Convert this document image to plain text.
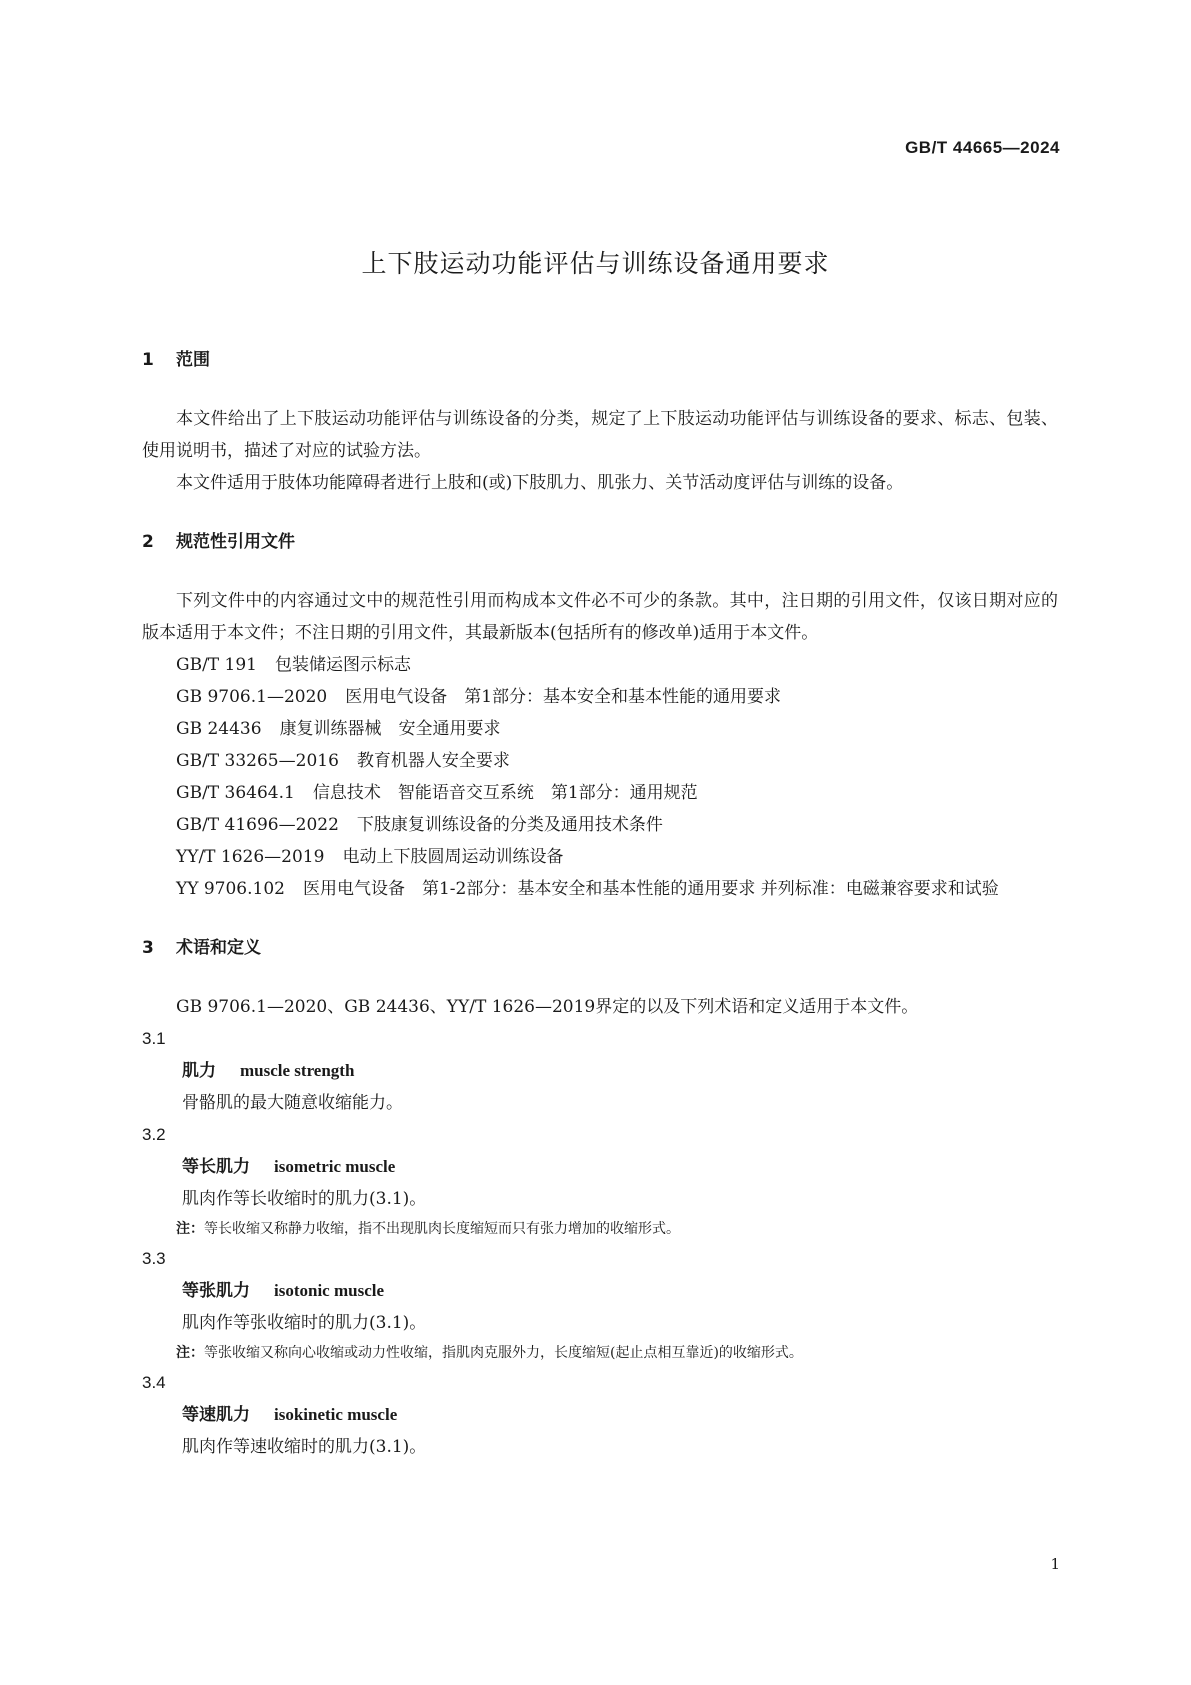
GB/T 44665—2024
上下肢运动功能评估与训练设备通用要求
1 范围

本文件给出了上下肢运动功能评估与训练设备的分类，规定了上下肢运动功能评估与训练设备的要求、标志、包装、使用说明书，描述了对应的试验方法。

本文件适用于肢体功能障碍者进行上肢和(或)下肢肌力、肌张力、关节活动度评估与训练的设备。

2 规范性引用文件

下列文件中的内容通过文中的规范性引用而构成本文件必不可少的条款。其中，注日期的引用文件，仅该日期对应的版本适用于本文件；不注日期的引用文件，其最新版本(包括所有的修改单)适用于本文件。

GB/T 191 包装储运图示标志

GB 9706.1—2020 医用电气设备　第1部分：基本安全和基本性能的通用要求

GB 24436 康复训练器械　安全通用要求

GB/T 33265—2016 教育机器人安全要求

GB/T 36464.1 信息技术　智能语音交互系统　第1部分：通用规范

GB/T 41696—2022 下肢康复训练设备的分类及通用技术条件

YY/T 1626—2019 电动上下肢圆周运动训练设备

YY 9706.102 医用电气设备　第1-2部分：基本安全和基本性能的通用要求 并列标准：电磁兼容要求和试验

3 术语和定义

GB 9706.1—2020、GB 24436、YY/T 1626—2019界定的以及下列术语和定义适用于本文件。

3.1

肌力 muscle strength

骨骼肌的最大随意收缩能力。

3.2

等长肌力 isometric muscle

肌肉作等长收缩时的肌力(3.1)。

注：等长收缩又称静力收缩，指不出现肌肉长度缩短而只有张力增加的收缩形式。

3.3

等张肌力 isotonic muscle

肌肉作等张收缩时的肌力(3.1)。

注：等张收缩又称向心收缩或动力性收缩，指肌肉克服外力，长度缩短(起止点相互靠近)的收缩形式。

3.4

等速肌力 isokinetic muscle

肌肉作等速收缩时的肌力(3.1)。

1
